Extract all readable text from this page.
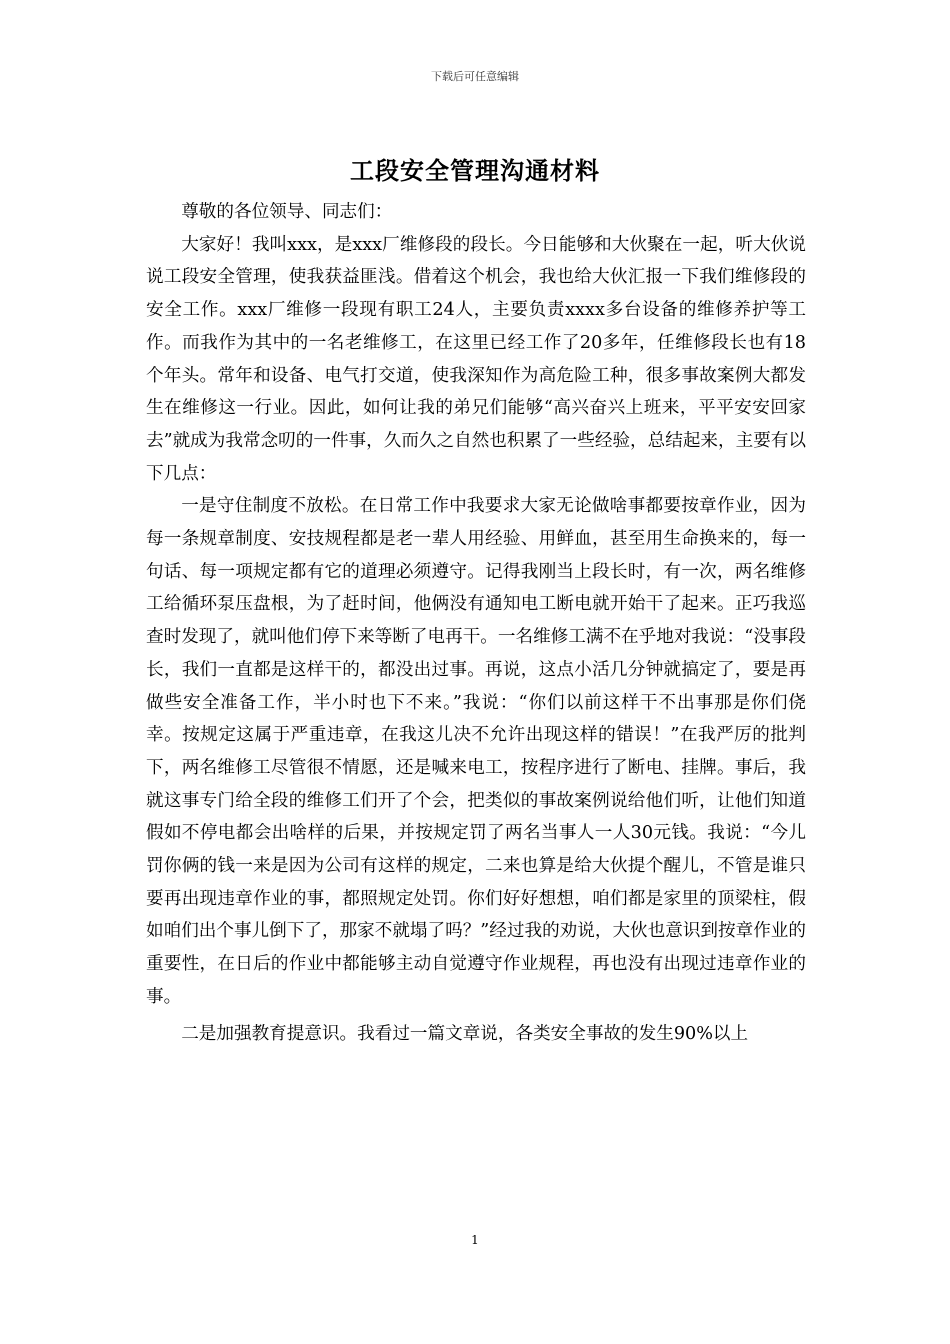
下载后可任意编辑
工段安全管理沟通材料

尊敬的各位领导、同志们：

大家好！我叫xxx，是xxx厂维修段的段长。今日能够和大伙聚在一起，听大伙说说工段安全管理，使我获益匪浅。借着这个机会，我也给大伙汇报一下我们维修段的安全工作。xxx厂维修一段现有职工24人，主要负责xxxx多台设备的维修养护等工作。而我作为其中的一名老维修工，在这里已经工作了20多年，任维修段长也有18个年头。常年和设备、电气打交道，使我深知作为高危险工种，很多事故案例大都发生在维修这一行业。因此，如何让我的弟兄们能够“高兴奋兴上班来，平平安安回家去”就成为我常念叨的一件事，久而久之自然也积累了一些经验，总结起来，主要有以下几点：

一是守住制度不放松。在日常工作中我要求大家无论做啥事都要按章作业，因为每一条规章制度、安技规程都是老一辈人用经验、用鲜血，甚至用生命换来的，每一句话、每一项规定都有它的道理必须遵守。记得我刚当上段长时，有一次，两名维修工给循环泵压盘根，为了赶时间，他俩没有通知电工断电就开始干了起来。正巧我巡查时发现了，就叫他们停下来等断了电再干。一名维修工满不在乎地对我说：“没事段长，我们一直都是这样干的，都没出过事。再说，这点小活几分钟就搞定了，要是再做些安全准备工作，半小时也下不来。”我说：“你们以前这样干不出事那是你们侥幸。按规定这属于严重违章，在我这儿决不允许出现这样的错误！”在我严厉的批判下，两名维修工尽管很不情愿，还是喊来电工，按程序进行了断电、挂牌。事后，我就这事专门给全段的维修工们开了个会，把类似的事故案例说给他们听，让他们知道假如不停电都会出啥样的后果，并按规定罚了两名当事人一人30元钱。我说：“今儿罚你俩的钱一来是因为公司有这样的规定，二来也算是给大伙提个醒儿，不管是谁只要再出现违章作业的事，都照规定处罚。你们好好想想，咱们都是家里的顶梁柱，假如咱们出个事儿倒下了，那家不就塌了吗？”经过我的劝说，大伙也意识到按章作业的重要性，在日后的作业中都能够主动自觉遵守作业规程，再也没有出现过违章作业的事。

二是加强教育提意识。我看过一篇文章说，各类安全事故的发生90%以上

1
